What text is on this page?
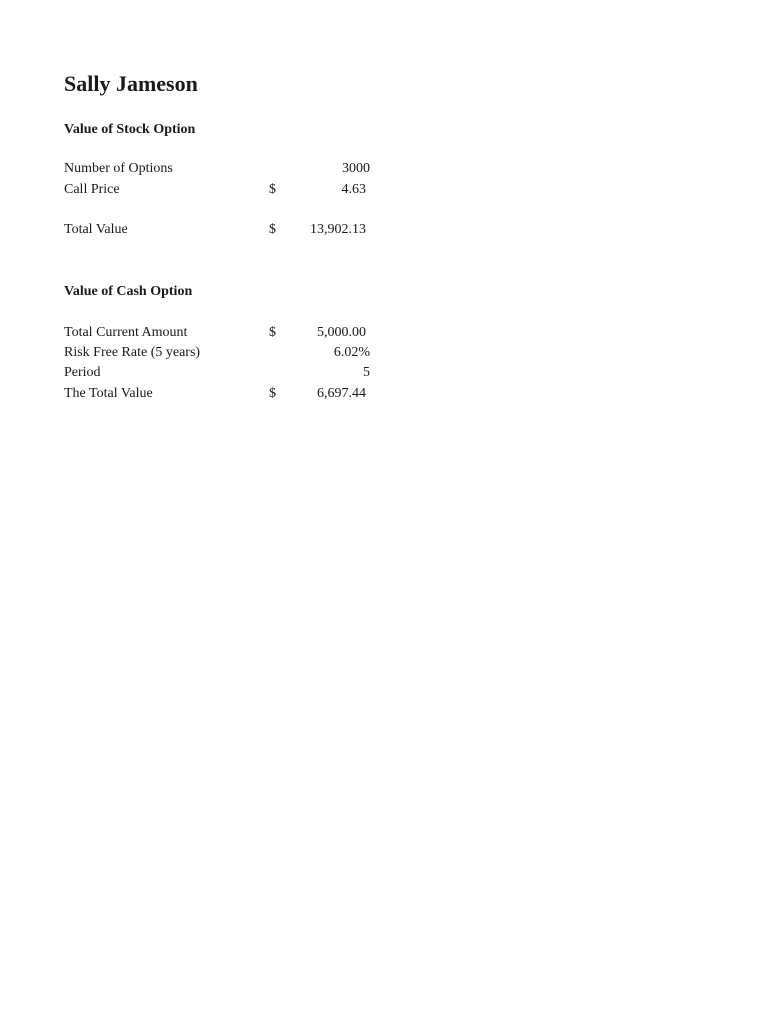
Sally Jameson
Value of Stock Option
Number of Options	3000
Call Price	$	4.63
Total Value	$ 13,902.13
Value of Cash Option
Total Current Amount	$	5,000.00
Risk Free Rate (5 years)	6.02%
Period	5
The Total Value	$	6,697.44
